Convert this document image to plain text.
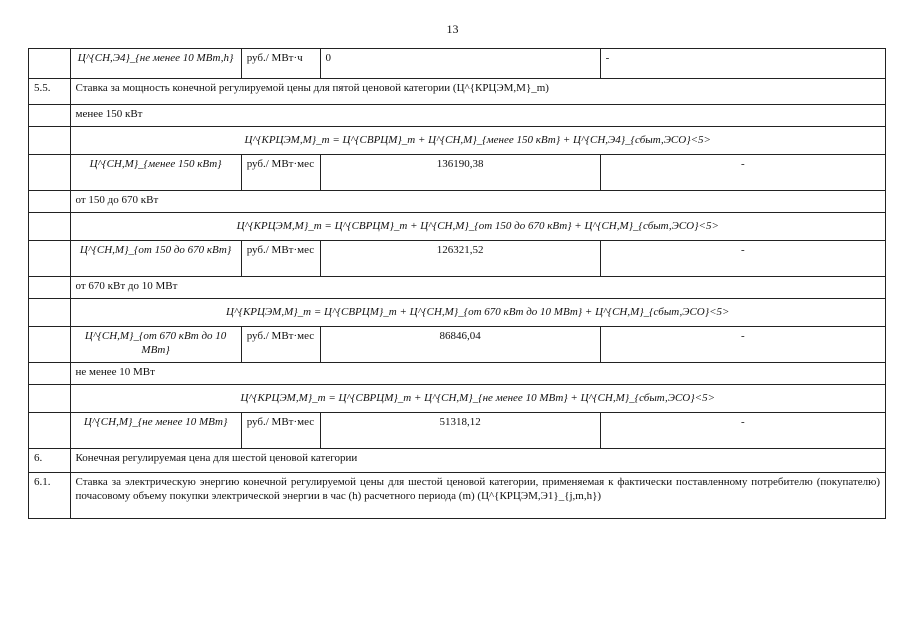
13
	Ц^{СН,Э4}_{не менее 10 МВт,h}	руб./ МВт·ч	0	-
5.5.	Ставка за мощность конечной регулируемой цены для пятой ценовой категории (Ц^{КРЦЭМ,М}_m)			
	менее 150 кВт			
	Ц^{КРЦЭМ,М}_m = Ц^{СВРЦМ}_m + Ц^{СН,М}_{менее 150 кВт} + Ц^{СН,Э4}_{сбыт,ЭСО}<5>			
	Ц^{СН,М}_{менее 150 кВт}	руб./ МВт·мес	136190,38	-
	от 150 до 670 кВт			
	Ц^{КРЦЭМ,М}_m = Ц^{СВРЦМ}_m + Ц^{СН,М}_{от 150 до 670 кВт} + Ц^{СН,М}_{сбыт,ЭСО}<5>			
	Ц^{СН,М}_{от 150 до 670 кВт}	руб./ МВт·мес	126321,52	-
	от 670 кВт до 10 МВт			
	Ц^{КРЦЭМ,М}_m = Ц^{СВРЦМ}_m + Ц^{СН,М}_{от 670 кВт до 10 МВт} + Ц^{СН,М}_{сбыт,ЭСО}<5>			
	Ц^{СН,М}_{от 670 кВт до 10 МВт}	руб./ МВт·мес	86846,04	-
	не менее 10 МВт			
	Ц^{КРЦЭМ,М}_m = Ц^{СВРЦМ}_m + Ц^{СН,М}_{не менее 10 МВт} + Ц^{СН,М}_{сбыт,ЭСО}<5>			
	Ц^{СН,М}_{не менее 10 МВт}	руб./ МВт·мес	51318,12	-
6.	Конечная регулируемая цена для шестой ценовой категории			
6.1.	Ставка за электрическую энергию конечной регулируемой цены для шестой ценовой категории, применяемая к фактически поставленному потребителю (покупателю) почасовому объему покупки электрической энергии в час (h) расчетного периода (m) (Ц^{КРЦЭМ,Э1}_{j,m,h})			
